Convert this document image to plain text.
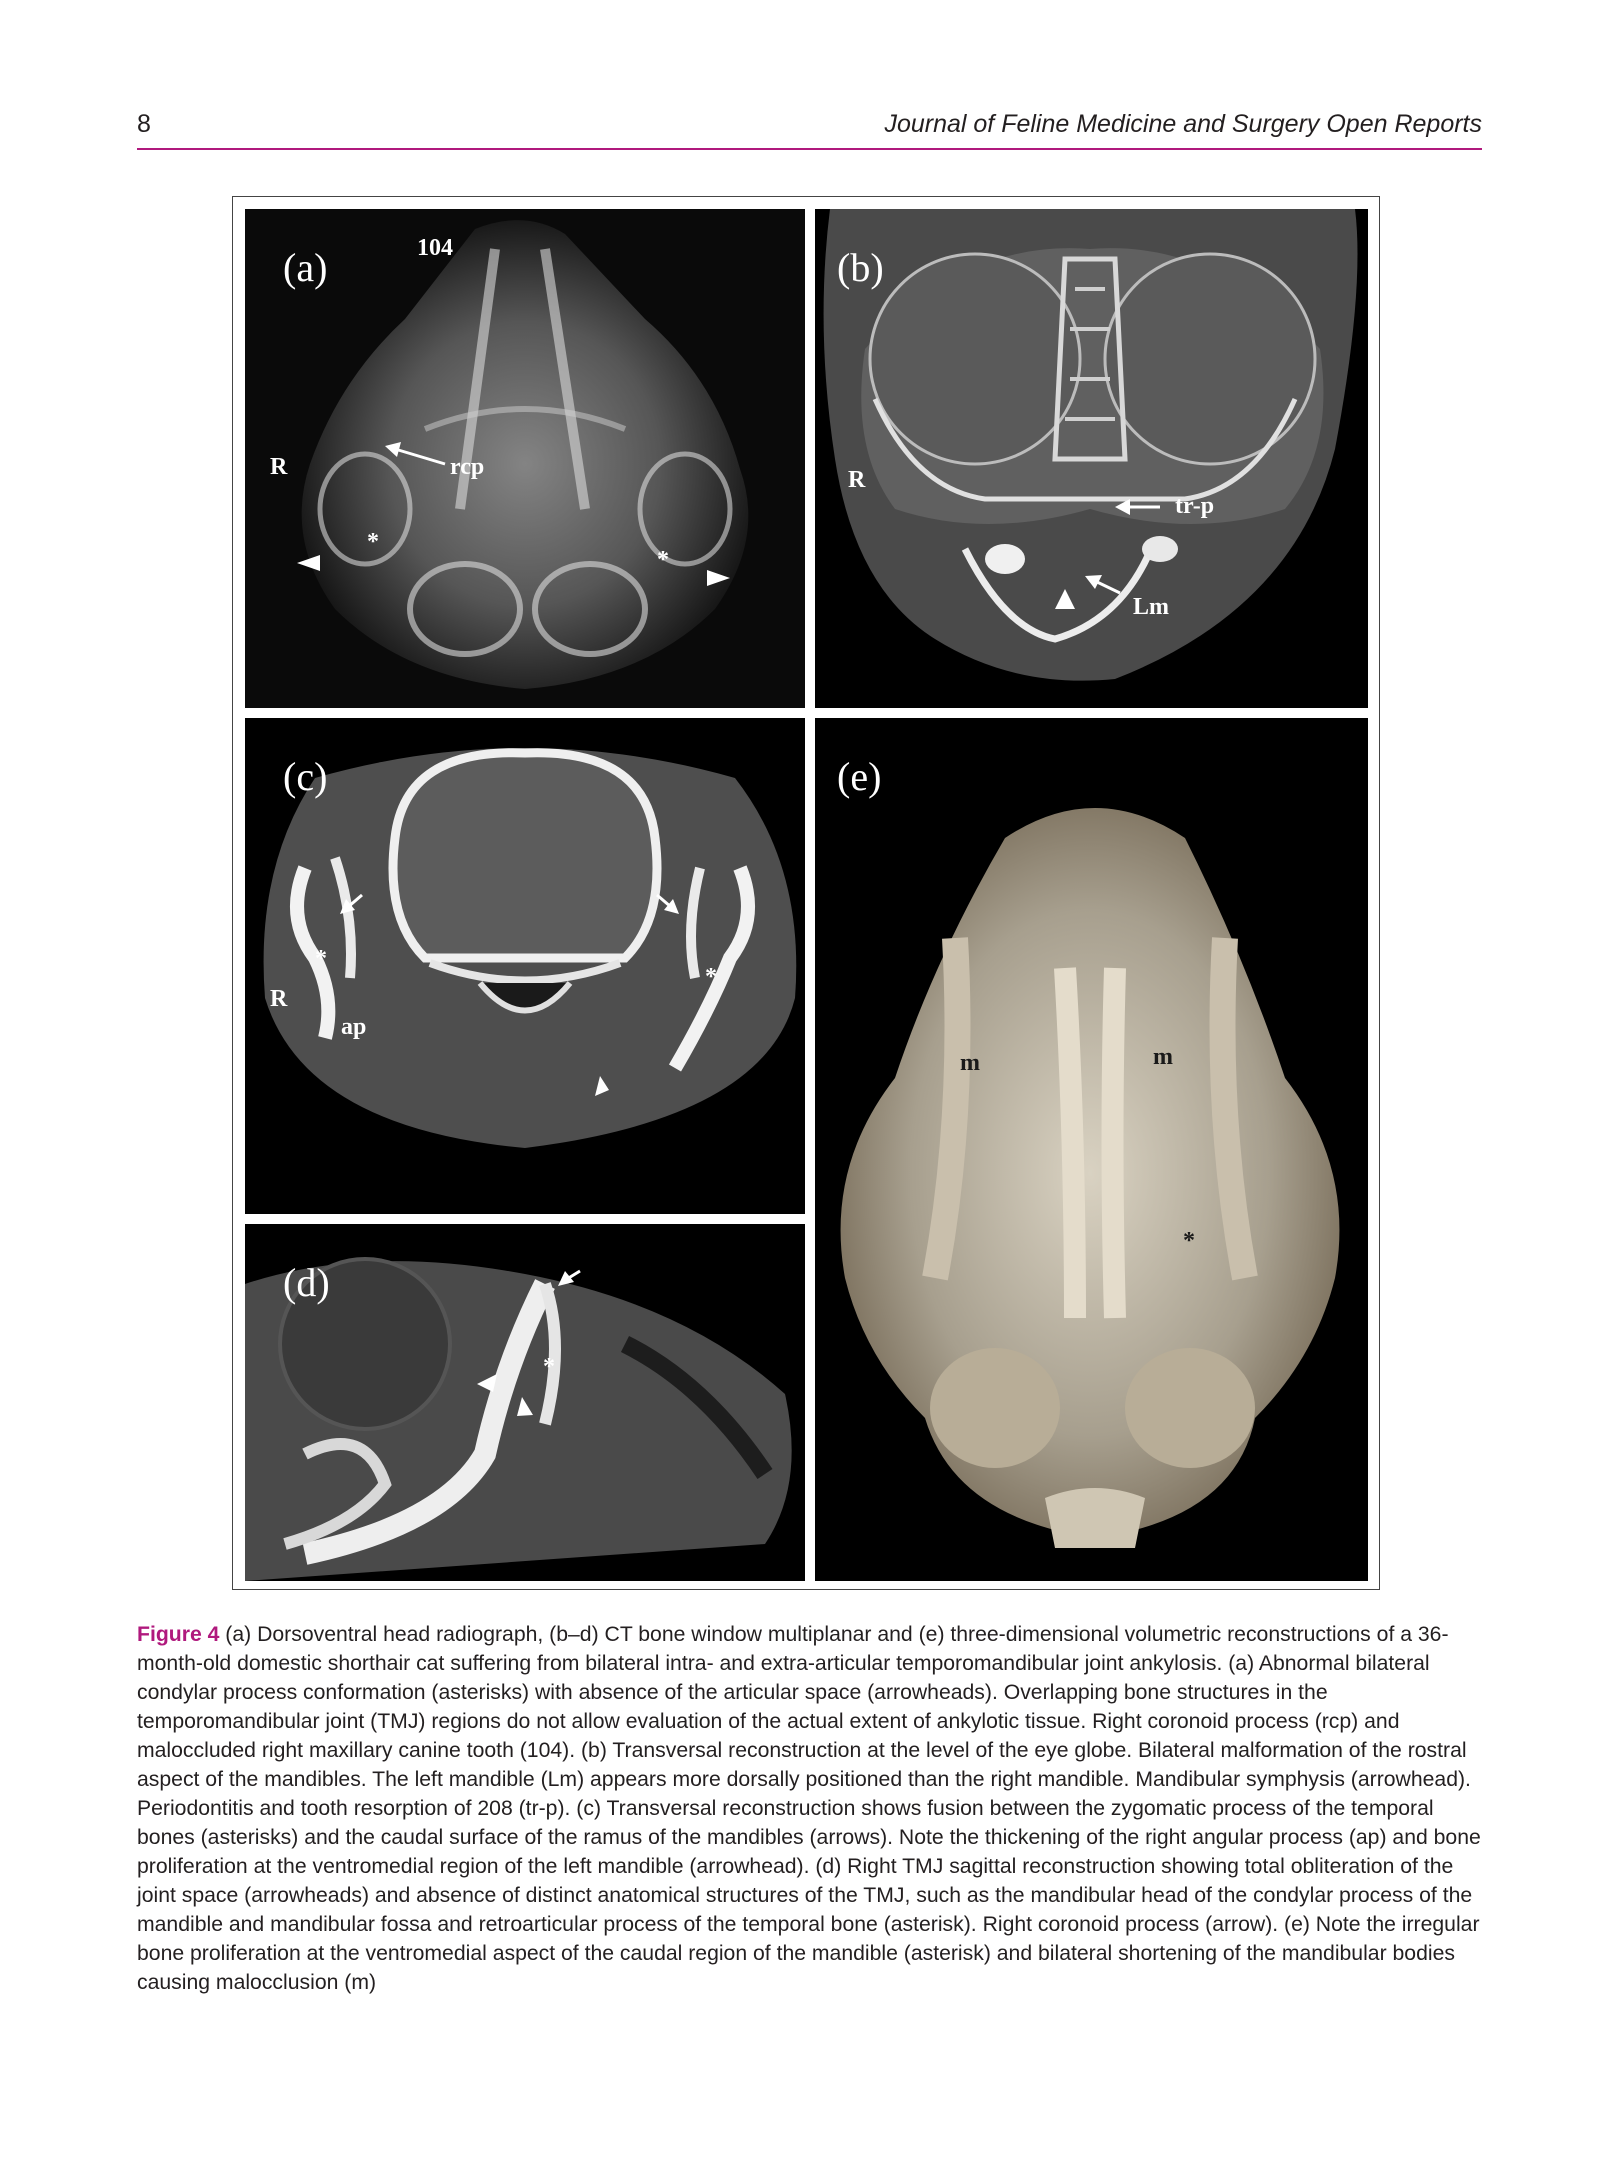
8	Journal of Feline Medicine and Surgery Open Reports
(a)	104
R	rcp
*
*
(b)
R
tr-p
Lm
(c)
R
ap
*
*
(d)
*
(e)
m	m
*
Figure 4 (a) Dorsoventral head radiograph, (b–d) CT bone window multiplanar and (e) three-dimensional volumetric reconstructions of a 36-month-old domestic shorthair cat suffering from bilateral intra- and extra-articular temporomandibular joint ankylosis. (a) Abnormal bilateral condylar process conformation (asterisks) with absence of the articular space (arrowheads). Overlapping bone structures in the temporomandibular joint (TMJ) regions do not allow evaluation of the actual extent of ankylotic tissue. Right coronoid process (rcp) and maloccluded right maxillary canine tooth (104). (b) Transversal reconstruction at the level of the eye globe. Bilateral malformation of the rostral aspect of the mandibles. The left mandible (Lm) appears more dorsally positioned than the right mandible. Mandibular symphysis (arrowhead). Periodontitis and tooth resorption of 208 (tr-p). (c) Transversal reconstruction shows fusion between the zygomatic process of the temporal bones (asterisks) and the caudal surface of the ramus of the mandibles (arrows). Note the thickening of the right angular process (ap) and bone proliferation at the ventromedial region of the left mandible (arrowhead). (d) Right TMJ sagittal reconstruction showing total obliteration of the joint space (arrowheads) and absence of distinct anatomical structures of the TMJ, such as the mandibular head of the condylar process of the mandible and mandibular fossa and retroarticular process of the temporal bone (asterisk). Right coronoid process (arrow). (e) Note the irregular bone proliferation at the ventromedial aspect of the caudal region of the mandible (asterisk) and bilateral shortening of the mandibular bodies causing malocclusion (m)
